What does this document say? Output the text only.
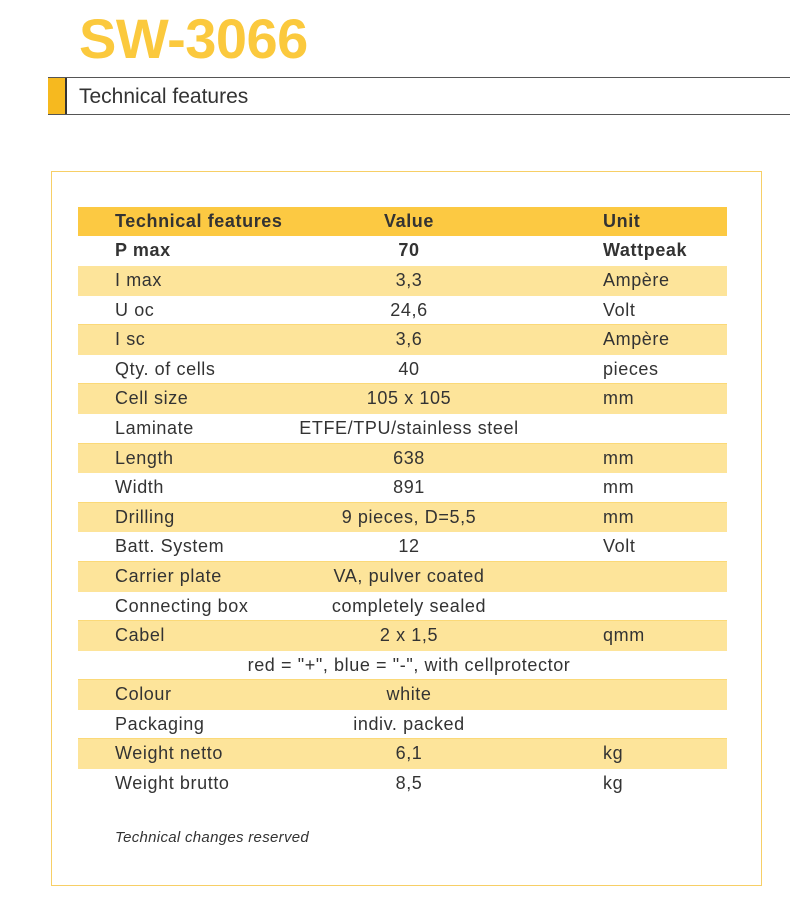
SW-3066
Technical features
Technical features	Value	Unit
P max	70	Wattpeak
I max	3,3	Ampère
U oc	24,6	Volt
I sc	3,6	Ampère
Qty. of cells	40	pieces
Cell size	105 x 105	mm
Laminate	ETFE/TPU/stainless steel
Length	638	mm
Width	891	mm
Drilling	9 pieces, D=5,5	mm
Batt. System	12	Volt
Carrier plate	VA, pulver coated
Connecting box	completely sealed
Cabel	2 x 1,5	qmm
red = "+", blue = "-", with cellprotector
Colour	white
Packaging	indiv. packed
Weight netto	6,1	kg
Weight brutto	8,5	kg
Technical changes reserved
